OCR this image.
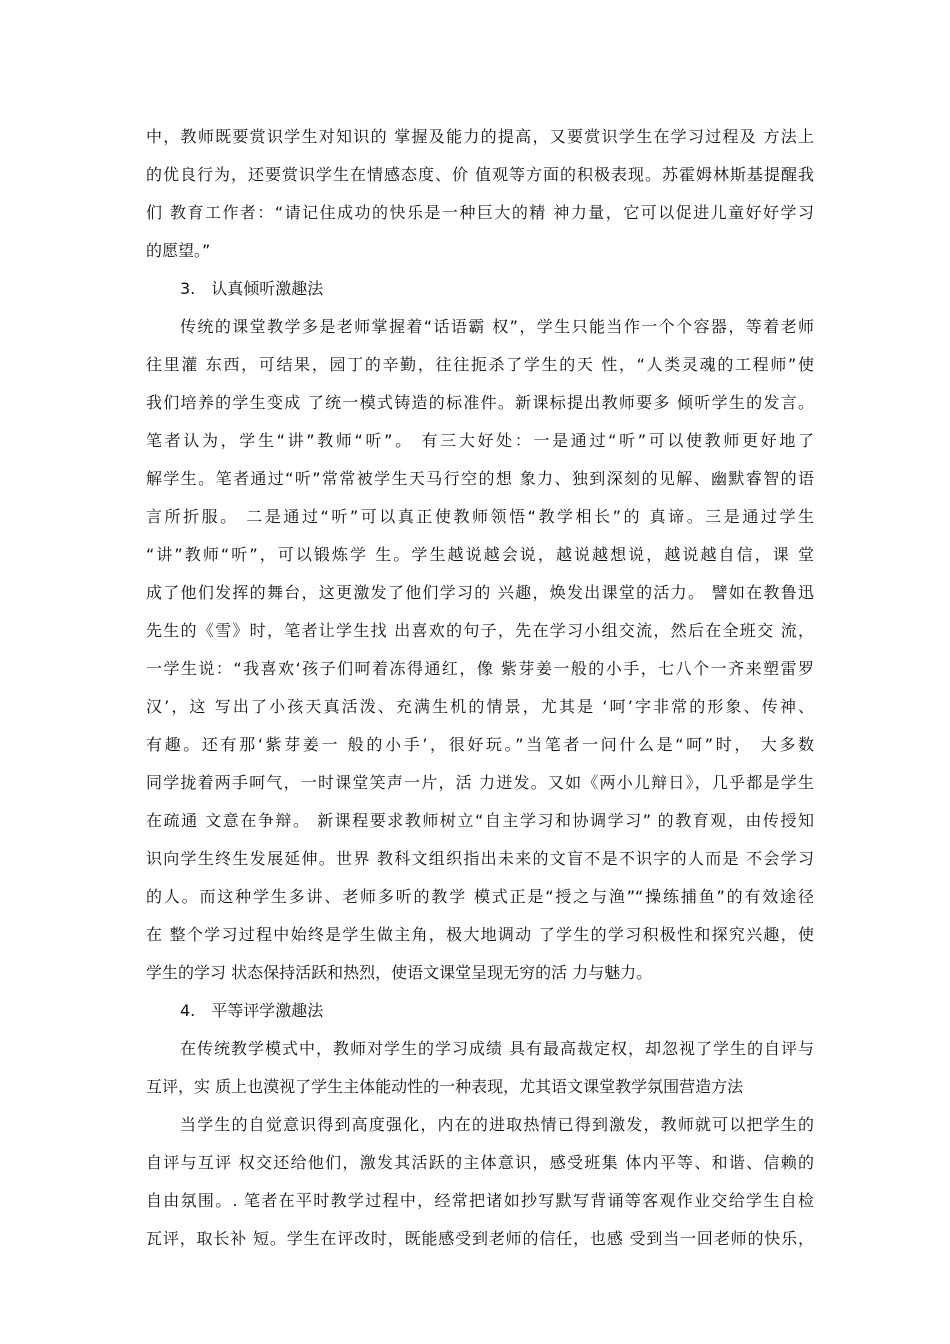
中，教师既要赏识学生对知识的 掌握及能力的提高，又要赏识学生在学习过程及 方法上
的优良行为，还要赏识学生在情感态度、价 值观等方面的积极表现。苏霍姆林斯基提醒我
们 教育工作者：“请记住成功的快乐是一种巨大的精 神力量，它可以促进儿童好好学习
的愿望。”
3.　认真倾听激趣法
传统的课堂教学多是老师掌握着“话语霸 权”，学生只能当作一个个容器，等着老师
往里灌 东西，可结果，园丁的辛勤，往往扼杀了学生的天 性，“人类灵魂的工程师”使
我们培养的学生变成 了统一模式铸造的标准件。新课标提出教师要多 倾听学生的发言。
笔者认为，学生“讲”教师“听”。 有三大好处：一是通过“听”可以使教师更好地了
解学生。笔者通过“听”常常被学生天马行空的想 象力、独到深刻的见解、幽默睿智的语
言所折服。 二是通过“听”可以真正使教师领悟“教学相长”的 真谛。三是通过学生
“讲”教师“听”，可以锻炼学 生。学生越说越会说，越说越想说，越说越自信，课 堂
成了他们发挥的舞台，这更激发了他们学习的 兴趣，焕发出课堂的活力。 譬如在教鲁迅
先生的《雪》时，笔者让学生找 出喜欢的句子，先在学习小组交流，然后在全班交 流，
一学生说：“我喜欢‘孩子们呵着冻得通红，像 紫芽姜一般的小手，七八个一齐来塑雷罗
汉’，这 写出了小孩天真活泼、充满生机的情景，尤其是 ‘呵’字非常的形象、传神、
有趣。还有那‘紫芽姜一 般的小手’，很好玩。”当笔者一问什么是“呵”时， 大多数
同学拢着两手呵气，一时课堂笑声一片，活 力迸发。又如《两小儿辩日》，几乎都是学生
在疏通 文意在争辩。 新课程要求教师树立“自主学习和协调学习” 的教育观，由传授知
识向学生终生发展延伸。世界 教科文组织指出未来的文盲不是不识字的人而是 不会学习
的人。而这种学生多讲、老师多听的教学 模式正是“授之与渔”“操练捕鱼”的有效途径
在 整个学习过程中始终是学生做主角，极大地调动 了学生的学习积极性和探究兴趣，使
学生的学习 状态保持活跃和热烈，使语文课堂呈现无穷的活 力与魅力。
4.　平等评学激趣法
在传统教学模式中，教师对学生的学习成绩 具有最高裁定权，却忽视了学生的自评与
互评，实 质上也漠视了学生主体能动性的一种表现，尤其语文课堂教学氛围营造方法
当学生的自觉意识得到高度强化，内在的进取热情已得到激发，教师就可以把学生的
自评与互评 权交还给他们，激发其活跃的主体意识，感受班集 体内平等、和谐、信赖的
自由氛围。. 笔者在平时教学过程中，经常把诸如抄写默写背诵等客观作业交给学生自检
瓦评，取长补 短。学生在评改时，既能感受到老师的信任，也感 受到当一回老师的快乐，
